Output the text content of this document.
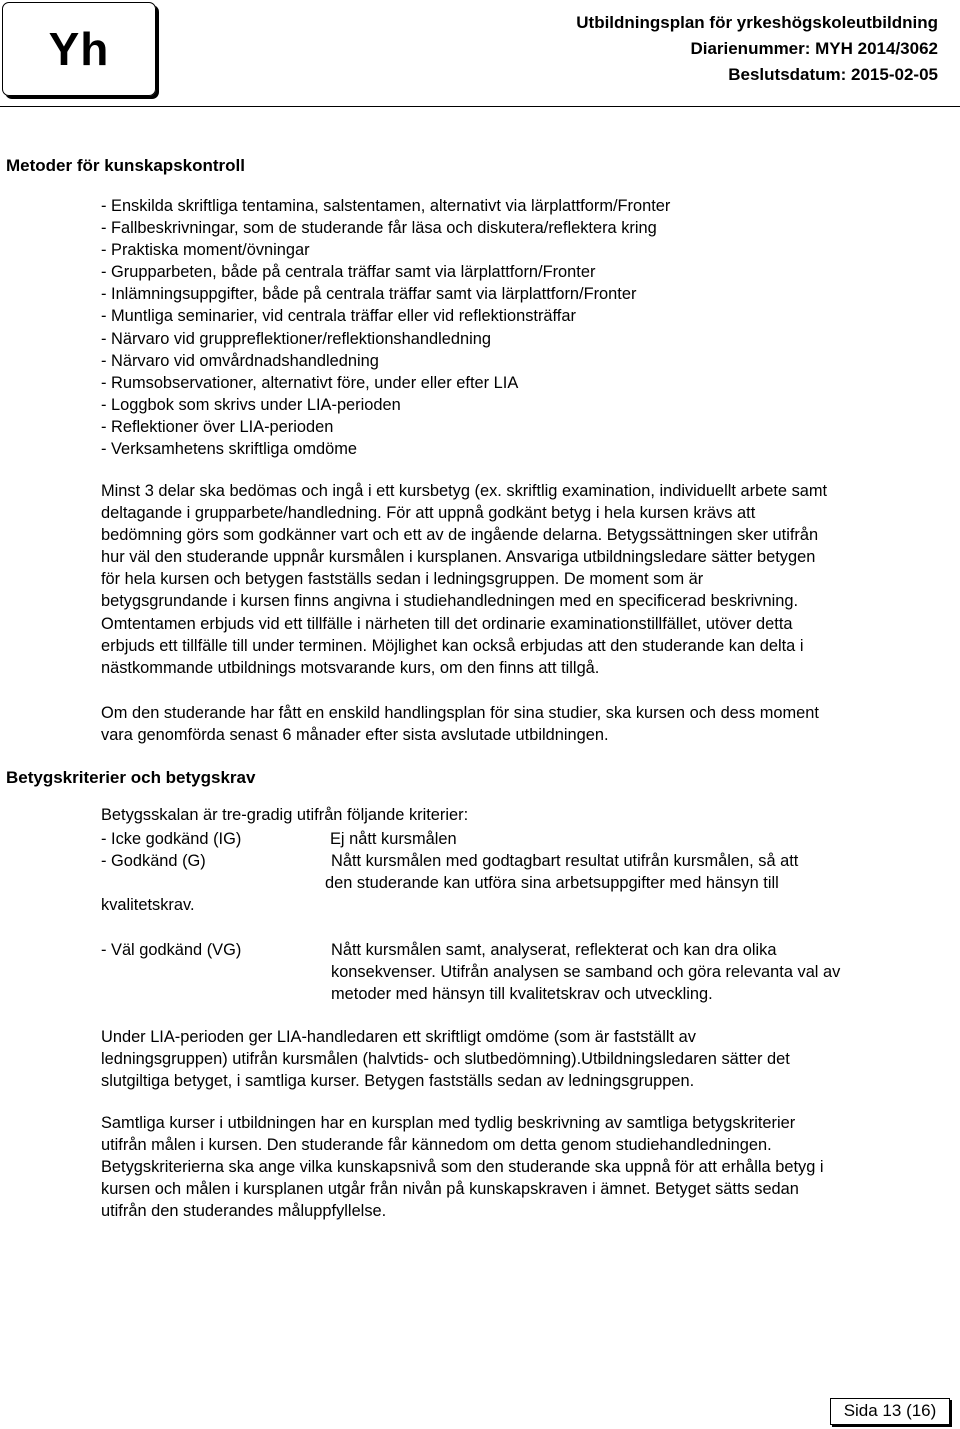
Yh
Utbildningsplan för yrkeshögskoleutbildning
Diarienummer: MYH 2014/3062
Beslutsdatum: 2015-02-05
Metoder för kunskapskontroll
- Enskilda skriftliga tentamina, salstentamen, alternativt via lärplattform/Fronter
- Fallbeskrivningar, som de studerande får läsa och diskutera/reflektera kring
- Praktiska moment/övningar
- Grupparbeten, både på centrala träffar samt via lärplattforn/Fronter
- Inlämningsuppgifter, både på centrala träffar samt via lärplattforn/Fronter
- Muntliga seminarier, vid centrala träffar eller vid reflektionsträffar
- Närvaro vid gruppreflektioner/reflektionshandledning
- Närvaro vid omvårdnadshandledning
- Rumsobservationer, alternativt före, under eller efter LIA
- Loggbok som skrivs under LIA-perioden
- Reflektioner över LIA-perioden
- Verksamhetens skriftliga omdöme
Minst 3 delar ska bedömas och ingå i ett kursbetyg (ex. skriftlig examination, individuellt arbete samt
deltagande i grupparbete/handledning. För att uppnå godkänt betyg i hela kursen krävs att
bedömning görs som godkänner vart och ett av de ingående delarna. Betygssättningen sker utifrån
hur väl den studerande uppnår kursmålen i kursplanen. Ansvariga utbildningsledare sätter betygen
för hela kursen och betygen fastställs sedan i ledningsgruppen. De moment som är
betygsgrundande i kursen finns angivna i studiehandledningen med en specificerad beskrivning.
Omtentamen erbjuds vid ett tillfälle i närheten till det ordinarie examinationstillfället, utöver detta
erbjuds ett tillfälle till under terminen. Möjlighet kan också erbjudas att den studerande kan delta i
nästkommande utbildnings motsvarande kurs, om den finns att tillgå.
Om den studerande har fått en enskild handlingsplan för sina studier, ska kursen och dess moment
vara genomförda senast 6 månader efter sista avslutade utbildningen.
Betygskriterier och betygskrav
Betygsskalan är tre-gradig utifrån följande kriterier:
- Icke godkänd (IG)	Ej nått kursmålen
- Godkänd (G)	Nått kursmålen med godtagbart resultat utifrån kursmålen, så att
den studerande kan utföra sina arbetsuppgifter med hänsyn till
kvalitetskrav.
- Väl godkänd (VG)	Nått kursmålen samt, analyserat, reflekterat och kan dra olika
konsekvenser. Utifrån analysen se samband och göra relevanta val av
metoder med hänsyn till kvalitetskrav och utveckling.
Under LIA-perioden ger LIA-handledaren ett skriftligt omdöme (som är fastställt av
ledningsgruppen) utifrån kursmålen (halvtids- och slutbedömning).Utbildningsledaren sätter det
slutgiltiga betyget, i samtliga kurser. Betygen fastställs sedan av ledningsgruppen.
Samtliga kurser i utbildningen har en kursplan med tydlig beskrivning av samtliga betygskriterier
utifrån målen i kursen. Den studerande får kännedom om detta genom studiehandledningen.
Betygskriterierna ska ange vilka kunskapsnivå som den studerande ska uppnå för att erhålla betyg i
kursen och målen i kursplanen utgår från nivån på kunskapskraven i ämnet. Betyget sätts sedan
utifrån den studerandes måluppfyllelse.
Sida 13 (16)
